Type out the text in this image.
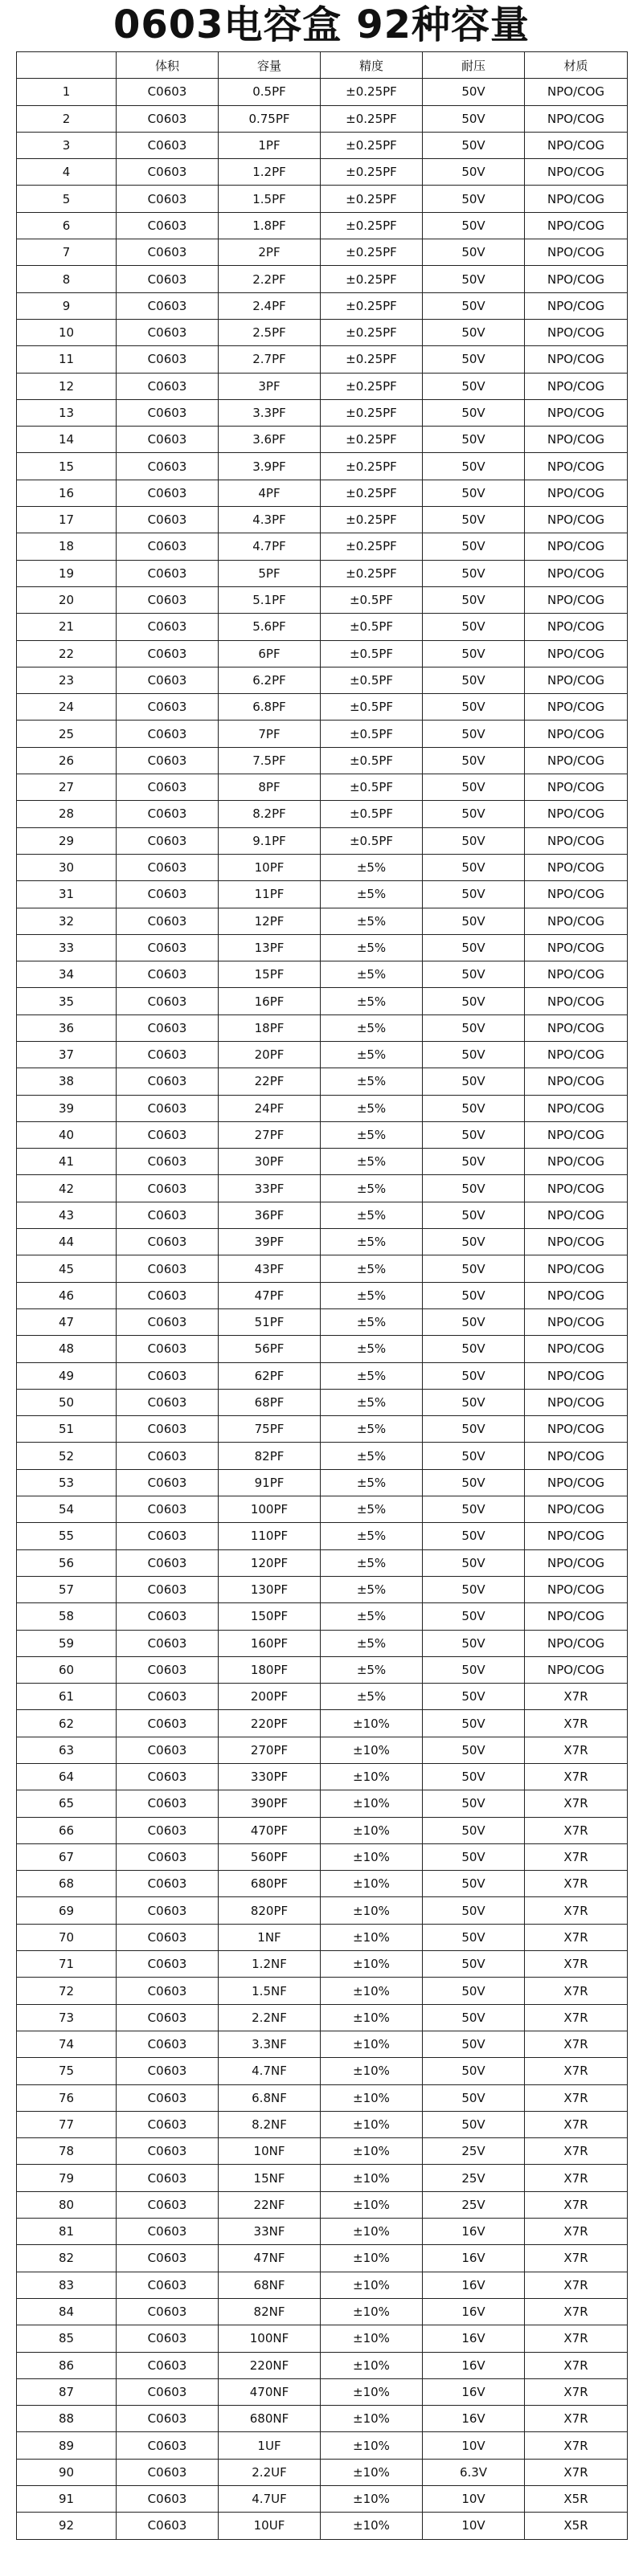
0603电容盒 92种容量
	体积	容量	精度	耐压	材质
1	C0603	0.5PF	±0.25PF	50V	NPO/COG
2	C0603	0.75PF	±0.25PF	50V	NPO/COG
3	C0603	1PF	±0.25PF	50V	NPO/COG
4	C0603	1.2PF	±0.25PF	50V	NPO/COG
5	C0603	1.5PF	±0.25PF	50V	NPO/COG
6	C0603	1.8PF	±0.25PF	50V	NPO/COG
7	C0603	2PF	±0.25PF	50V	NPO/COG
8	C0603	2.2PF	±0.25PF	50V	NPO/COG
9	C0603	2.4PF	±0.25PF	50V	NPO/COG
10	C0603	2.5PF	±0.25PF	50V	NPO/COG
11	C0603	2.7PF	±0.25PF	50V	NPO/COG
12	C0603	3PF	±0.25PF	50V	NPO/COG
13	C0603	3.3PF	±0.25PF	50V	NPO/COG
14	C0603	3.6PF	±0.25PF	50V	NPO/COG
15	C0603	3.9PF	±0.25PF	50V	NPO/COG
16	C0603	4PF	±0.25PF	50V	NPO/COG
17	C0603	4.3PF	±0.25PF	50V	NPO/COG
18	C0603	4.7PF	±0.25PF	50V	NPO/COG
19	C0603	5PF	±0.25PF	50V	NPO/COG
20	C0603	5.1PF	±0.5PF	50V	NPO/COG
21	C0603	5.6PF	±0.5PF	50V	NPO/COG
22	C0603	6PF	±0.5PF	50V	NPO/COG
23	C0603	6.2PF	±0.5PF	50V	NPO/COG
24	C0603	6.8PF	±0.5PF	50V	NPO/COG
25	C0603	7PF	±0.5PF	50V	NPO/COG
26	C0603	7.5PF	±0.5PF	50V	NPO/COG
27	C0603	8PF	±0.5PF	50V	NPO/COG
28	C0603	8.2PF	±0.5PF	50V	NPO/COG
29	C0603	9.1PF	±0.5PF	50V	NPO/COG
30	C0603	10PF	±5%	50V	NPO/COG
31	C0603	11PF	±5%	50V	NPO/COG
32	C0603	12PF	±5%	50V	NPO/COG
33	C0603	13PF	±5%	50V	NPO/COG
34	C0603	15PF	±5%	50V	NPO/COG
35	C0603	16PF	±5%	50V	NPO/COG
36	C0603	18PF	±5%	50V	NPO/COG
37	C0603	20PF	±5%	50V	NPO/COG
38	C0603	22PF	±5%	50V	NPO/COG
39	C0603	24PF	±5%	50V	NPO/COG
40	C0603	27PF	±5%	50V	NPO/COG
41	C0603	30PF	±5%	50V	NPO/COG
42	C0603	33PF	±5%	50V	NPO/COG
43	C0603	36PF	±5%	50V	NPO/COG
44	C0603	39PF	±5%	50V	NPO/COG
45	C0603	43PF	±5%	50V	NPO/COG
46	C0603	47PF	±5%	50V	NPO/COG
47	C0603	51PF	±5%	50V	NPO/COG
48	C0603	56PF	±5%	50V	NPO/COG
49	C0603	62PF	±5%	50V	NPO/COG
50	C0603	68PF	±5%	50V	NPO/COG
51	C0603	75PF	±5%	50V	NPO/COG
52	C0603	82PF	±5%	50V	NPO/COG
53	C0603	91PF	±5%	50V	NPO/COG
54	C0603	100PF	±5%	50V	NPO/COG
55	C0603	110PF	±5%	50V	NPO/COG
56	C0603	120PF	±5%	50V	NPO/COG
57	C0603	130PF	±5%	50V	NPO/COG
58	C0603	150PF	±5%	50V	NPO/COG
59	C0603	160PF	±5%	50V	NPO/COG
60	C0603	180PF	±5%	50V	NPO/COG
61	C0603	200PF	±5%	50V	X7R
62	C0603	220PF	±10%	50V	X7R
63	C0603	270PF	±10%	50V	X7R
64	C0603	330PF	±10%	50V	X7R
65	C0603	390PF	±10%	50V	X7R
66	C0603	470PF	±10%	50V	X7R
67	C0603	560PF	±10%	50V	X7R
68	C0603	680PF	±10%	50V	X7R
69	C0603	820PF	±10%	50V	X7R
70	C0603	1NF	±10%	50V	X7R
71	C0603	1.2NF	±10%	50V	X7R
72	C0603	1.5NF	±10%	50V	X7R
73	C0603	2.2NF	±10%	50V	X7R
74	C0603	3.3NF	±10%	50V	X7R
75	C0603	4.7NF	±10%	50V	X7R
76	C0603	6.8NF	±10%	50V	X7R
77	C0603	8.2NF	±10%	50V	X7R
78	C0603	10NF	±10%	25V	X7R
79	C0603	15NF	±10%	25V	X7R
80	C0603	22NF	±10%	25V	X7R
81	C0603	33NF	±10%	16V	X7R
82	C0603	47NF	±10%	16V	X7R
83	C0603	68NF	±10%	16V	X7R
84	C0603	82NF	±10%	16V	X7R
85	C0603	100NF	±10%	16V	X7R
86	C0603	220NF	±10%	16V	X7R
87	C0603	470NF	±10%	16V	X7R
88	C0603	680NF	±10%	16V	X7R
89	C0603	1UF	±10%	10V	X7R
90	C0603	2.2UF	±10%	6.3V	X7R
91	C0603	4.7UF	±10%	10V	X5R
92	C0603	10UF	±10%	10V	X5R
